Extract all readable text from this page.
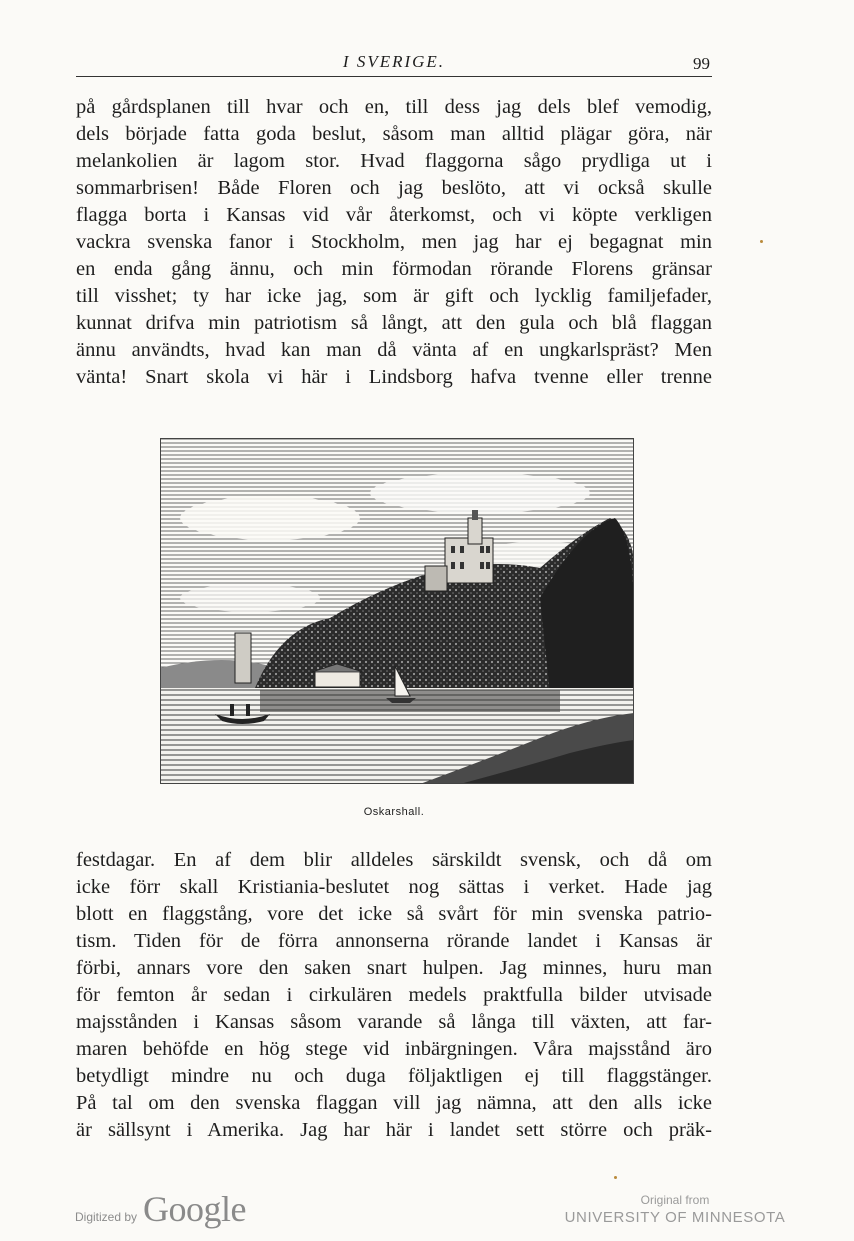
I SVERIGE.	99
på gårdsplanen till hvar och en, till dess jag dels blef vemodig,
dels började fatta goda beslut, såsom man alltid plägar göra, när
melankolien är lagom stor. Hvad flaggorna sågo prydliga ut i
sommarbrisen! Både Floren och jag beslöto, att vi också skulle
flagga borta i Kansas vid vår återkomst, och vi köpte verkligen
vackra svenska fanor i Stockholm, men jag har ej begagnat min
en enda gång ännu, och min förmodan rörande Florens gränsar
till visshet; ty har icke jag, som är gift och lycklig familjefader,
kunnat drifva min patriotism så långt, att den gula och blå flaggan
ännu användts, hvad kan man då vänta af en ungkarlspräst? Men
vänta! Snart skola vi här i Lindsborg hafva tvenne eller trenne
Oskarshall.
festdagar. En af dem blir alldeles särskildt svensk, och då om
icke förr skall Kristiania-beslutet nog sättas i verket. Hade jag
blott en flaggstång, vore det icke så svårt för min svenska patrio-
tism. Tiden för de förra annonserna rörande landet i Kansas är
förbi, annars vore den saken snart hulpen. Jag minnes, huru man
för femton år sedan i cirkulären medels praktfulla bilder utvisade
majsstånden i Kansas såsom varande så långa till växten, att far-
maren behöfde en hög stege vid inbärgningen. Våra majsstånd äro
betydligt mindre nu och duga följaktligen ej till flaggstänger.
På tal om den svenska flaggan vill jag nämna, att den alls icke
är sällsynt i Amerika. Jag har här i landet sett större och präk-
Digitized by Google	Original from
UNIVERSITY OF MINNESOTA
